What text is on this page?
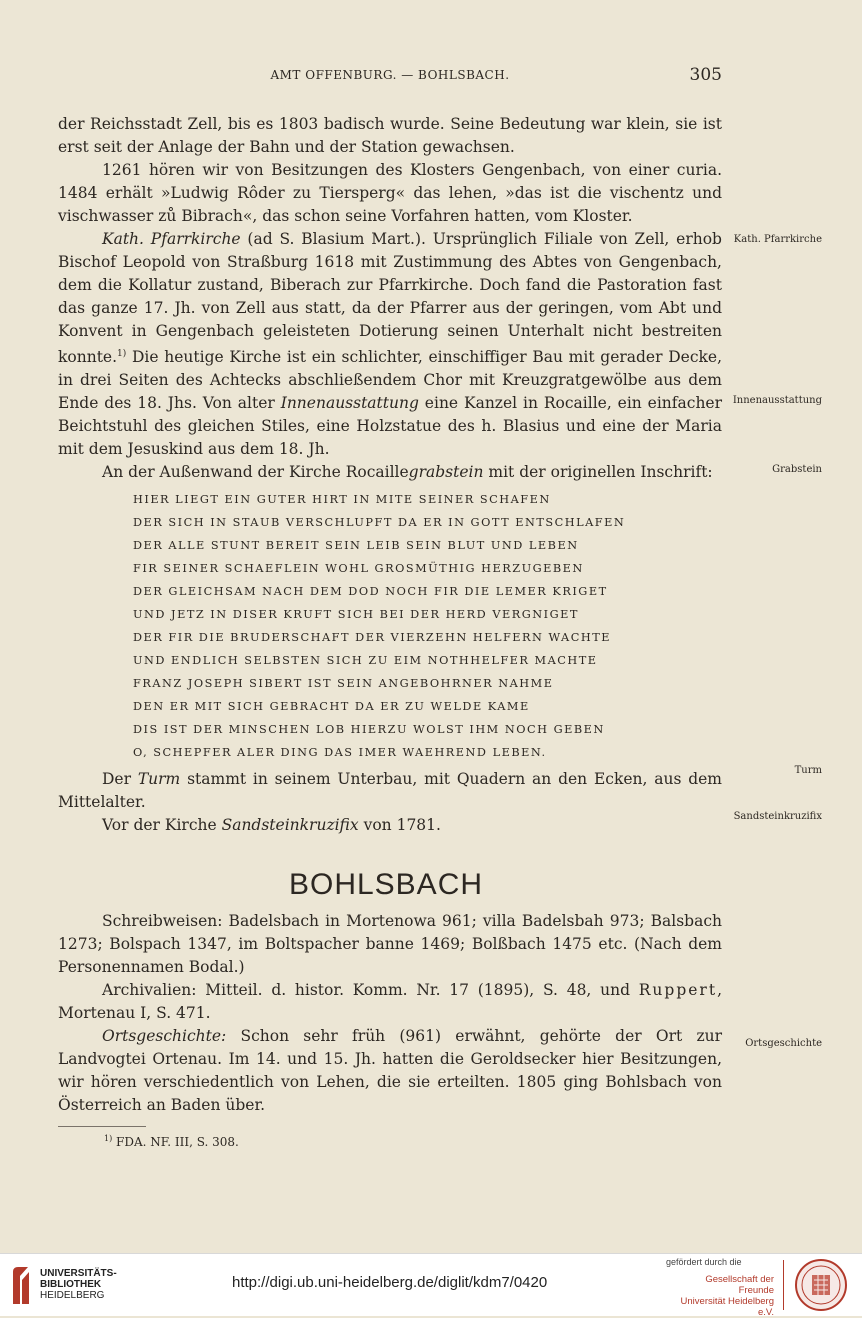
AMT OFFENBURG. — BOHLSBACH.	305

der Reichsstadt Zell, bis es 1803 badisch wurde. Seine Bedeutung war klein, sie ist erst seit der Anlage der Bahn und der Station gewachsen.

1261 hören wir von Besitzungen des Klosters Gengenbach, von einer curia. 1484 erhält »Ludwig Rôder zu Tiersperg« das lehen, »das ist die vischentz und vischwasser zů Bibrach«, das schon seine Vorfahren hatten, vom Kloster.

Kath. Pfarrkirche (ad S. Blasium Mart.). Ursprünglich Filiale von Zell, erhob Bischof Leopold von Straßburg 1618 mit Zustimmung des Abtes von Gengenbach, dem die Kollatur zustand, Biberach zur Pfarrkirche. Doch fand die Pastoration fast das ganze 17. Jh. von Zell aus statt, da der Pfarrer aus der geringen, vom Abt und Konvent in Gengenbach geleisteten Dotierung seinen Unterhalt nicht bestreiten konnte.$^{1)}$ Die heutige Kirche ist ein schlichter, einschiffiger Bau mit gerader Decke, in drei Seiten des Achtecks abschließendem Chor mit Kreuzgratgewölbe aus dem Ende des 18. Jhs. Von alter Innenausstattung eine Kanzel in Rocaille, ein einfacher Beichtstuhl des gleichen Stiles, eine Holzstatue des h. Blasius und eine der Maria mit dem Jesuskind aus dem 18. Jh.

An der Außenwand der Kirche Rocaillegrabstein mit der originellen Inschrift:

HIER LIEGT EIN GUTER HIRT IN MITE SEINER SCHAFEN
DER SICH IN STAUB VERSCHLUPFT DA ER IN GOTT ENTSCHLAFEN
DER ALLE STUNT BEREIT SEIN LEIB SEIN BLUT UND LEBEN
FIR SEINER SCHAEFLEIN WOHL GROSMÜTHIG HERZUGEBEN
DER GLEICHSAM NACH DEM DOD NOCH FIR DIE LEMER KRIGET
UND JETZ IN DISER KRUFT SICH BEI DER HERD VERGNIGET
DER FIR DIE BRUDERSCHAFT DER VIERZEHN HELFERN WACHTE
UND ENDLICH SELBSTEN SICH ZU EIM NOTHHELFER MACHTE
FRANZ JOSEPH SIBERT IST SEIN ANGEBOHRNER NAHME
DEN ER MIT SICH GEBRACHT DA ER ZU WELDE KAME
DIS IST DER MINSCHEN LOB HIERZU WOLST IHM NOCH GEBEN
O, SCHEPFER ALER DING DAS IMER WAEHREND LEBEN.

Der Turm stammt in seinem Unterbau, mit Quadern an den Ecken, aus dem Mittelalter.

Vor der Kirche Sandsteinkruzifix von 1781.

Kath. Pfarrkirche
Innenausstattung
Grabstein
Turm
Sandsteinkruzifix
Ortsgeschichte
BOHLSBACH

Schreibweisen: Badelsbach in Mortenowa 961; villa Badelsbah 973; Balsbach 1273; Bolspach 1347, im Boltspacher banne 1469; Bolßbach 1475 etc. (Nach dem Personennamen Bodal.)

Archivalien: Mitteil. d. histor. Komm. Nr. 17 (1895), S. 48, und Ruppert, Mortenau I, S. 471.

Ortsgeschichte: Schon sehr früh (961) erwähnt, gehörte der Ort zur Landvogtei Ortenau. Im 14. und 15. Jh. hatten die Geroldsecker hier Besitzungen, wir hören verschiedentlich von Lehen, die sie erteilten. 1805 ging Bohlsbach von Österreich an Baden über.

$^{1)}$ FDA. NF. III, S. 308.
UNIVERSITÄTS-
BIBLIOTHEK
HEIDELBERG
http://digi.ub.uni-heidelberg.de/diglit/kdm7/0420
gefördert durch die
Gesellschaft der Freunde
Universität Heidelberg e.V.
